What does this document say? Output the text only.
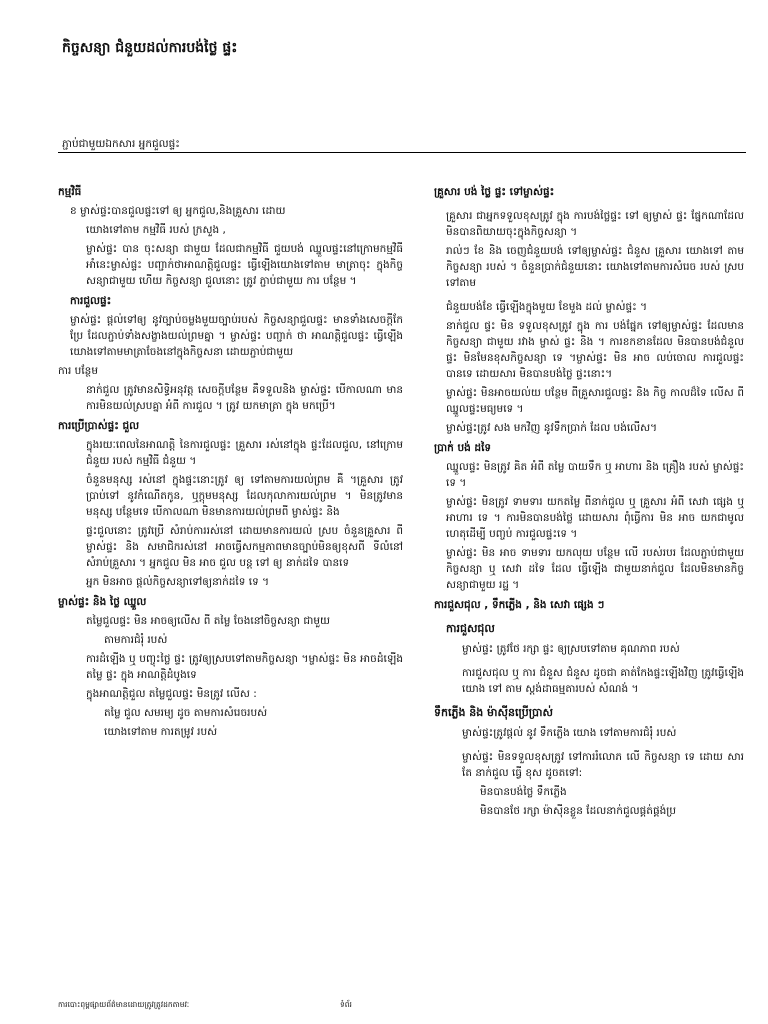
កិច្ចសន្យា ជំនួយដល់ការបង់ថ្លៃ ផ្ទះ
ភ្ជាប់ជាមួយឯកសារ អ្នកជួលផ្ទះ
កម្មវិធី
ខ ម្ចាស់ផ្ទះបានជួលផ្ទះទៅ ឲ្យ អ្នកជួល,និងគ្រួសារ ដោយ
យោងទៅតាម កម្មវិធី របស់ ក្រសួង ,
ម្ចាស់ផ្ទះ បាន ចុះសន្យា ជាមួយ ដែលជាកម្មវិធី ជួយបង់ ឈ្នួលផ្ទះនៅក្រោមកម្មវិធី អាំនេះម្ចាស់ផ្ទះ បញ្ជាក់ថាអាណត្តិជួលផ្ទះ ធ្វើឡើងយោងទៅតាម មាត្រាចុះ ក្នុងកិច្ចសន្យាជាមួយ ហើយ កិច្ចសន្យា ជួលនោះ ត្រូវ ភ្ជាប់ជាមួយ ការ បន្ថែម ។
ការជួលផ្ទះ
ម្ចាស់ផ្ទះ ផ្តល់ទៅឲ្យ នូវច្បាប់ចម្លងមួយច្បាប់របស់ កិច្ចសន្យាជួលផ្ទះ មានទាំងសេចក្តីកែប្រែ ដែលភ្ជាប់ទាំងសង្ខាងយល់ព្រមគ្នា ។ ម្ចាស់ផ្ទះ បញ្ជាក់ ថា អាណត្តិជួលផ្ទះ ធ្វើឡើង យោងទៅតាមមាត្រាចែងនៅក្នុងកិច្ចសនា ដោយភ្ជាប់ជាមួយ
ការ បន្ថែម
នាក់ជួល ត្រូវមានសិទ្ធិអនុវត្ត សេចក្តីបន្ថែម គឺទទួលនិង ម្ចាស់ផ្ទះ បើកាលណា មានការមិនយល់ស្របគ្នា អំពី ការជួល ។ ត្រូវ យកមាត្រា ក្នុង មកប្រើ។
ការប្រើប្រាស់ផ្ទះ ជួល
ក្នុងរយៈពេលនៃអាណត្តិ នៃការជួលផ្ទះ គ្រួសារ រស់នៅក្នុង ផ្ទះដែលជួល, នៅក្រោម ជំនួយ របស់ កម្មវិធី ជំនួយ ។
ចំនួនមនុស្ស រស់នៅ ក្នុងផ្ទះនោះត្រូវ ឲ្យ ទៅតាមការយល់ព្រម គឺ ។គ្រួសារ ត្រូវ ប្រាប់ទៅ នូវកំណើតកូន, ឬក្តុមមនុស្ស ដែលកុលាការយល់ព្រម ។ មិនត្រូវមានមនុស្ស បន្ថែមទេ បើកាលណា មិនមានការយល់ព្រមពី ម្ចាស់ផ្ទះ និង
ផ្ទះជួលនោះ ត្រូវប្រើ សំរាប់ការរស់នៅ ដោយមានការយល់ ស្រប ចំនួនគ្រួសារ ពី ម្ចាស់ផ្ទះ និង សមាជិករស់នៅ អាចធ្វើសកម្មភាពមានច្បាប់មិនឲ្យខុសពី ទីលំនៅ សំរាប់គ្រួសារ ។ អ្នកជួល មិន អាច ជួល បន្ត ទៅ ឲ្យ នាក់ដទៃ បានទេ
អ្នក មិនអាច ផ្តល់កិច្ចសន្យាទៅឲ្យនាក់ដទៃ ទេ ។
ម្ចាស់ផ្ទះ និង ថ្លៃ ឈ្នួល
តម្លៃជួលផ្ទះ មិន អាចឲ្យលើស ពី តម្លៃ ចែងនៅចិច្ចសន្យា ជាមួយ
តាមការជំរុំ របស់
ការដំឡើង ឬ បញ្ចុះថ្លៃ ផ្ទះ ត្រូវឲ្យស្របទៅតាមកិច្ចសន្យា ។ម្ចាស់ផ្ទះ មិន អាចដំឡើង តម្លៃ ផ្ទះ ក្នុង អាណត្តិដំបូងទេ
ក្នុងអាណត្តិជួល តម្លៃជួលផ្ទះ មិនត្រូវ លើស :
តម្លៃ ជួល សមរម្យ ដូច តាមការសំរេចរបស់
យោងទៅតាម ការតម្រូវ របស់
គ្រួសារ បង់ ថ្លៃ ផ្ទះ ទៅម្ចាស់ផ្ទះ
គ្រួសារ ជាអ្នកទទួលខុសត្រូវ ក្នុង ការបង់ថ្លៃផ្ទះ ទៅ ឲ្យម្ចាស់ ផ្ទះ ផ្នែកណាដែល មិនបានពិយាយចុះក្នុងកិច្ចសន្យា ។
រាល់ៗ ខែ និង ចេញជំនួយបង់ ទៅឲ្យម្ចាស់ផ្ទះ ជំនួស គ្រួសារ យោងទៅ តាម កិច្ចសន្យា របស់ ។ ចំនួនប្រាក់ជំនួយនោះ យោងទៅតាមការសំរេច របស់ ស្របទៅតាម
ជំនួយបង់ខែ ធ្វើឡើងក្នុងមួយ ខែមួង ដល់ ម្ចាស់ផ្ទះ ។
នាក់ជួល ផ្ទះ មិន ទទួលខុសត្រូវ ក្នុង ការ បង់ផ្នែក ទៅឲ្យម្ចាស់ផ្ទះ ដែលមានកិច្ចសន្យា ជាមួយ រវាង ម្ចាស់ ផ្ទះ និង ។ ការខកខានដែល មិនបានបង់ជំនួលផ្ទះ មិនមែនខុសកិច្ចសន្យា ទេ ។ម្ចាស់ផ្ទះ មិន អាច លប់ចោល ការជួលផ្ទះបានទេ ដោយសារ មិនបានបង់ថ្លៃ ផ្ទះនោះ។
ម្ចាស់ផ្ទះ មិនអាចយល់យ បន្ថែម ពីគ្រួសារជួលផ្ទះ និង កិច្ច កាលដ៏ទៃ លើស ពីឈ្នួលផ្ទះមធ្យមទេ ។
ម្ចាស់ផ្ទះត្រូវ សង មកវិញ នូវទឹកប្រាក់ ដែល បង់លើស។
ប្រាក់ បង់ ដទៃ
ឈ្នួលផ្ទះ មិនត្រូវ គិត អំពី តម្លៃ បាយទឹក ឬ អាហារ និង គ្រឿង របស់ ម្ចាស់ផ្ទះទេ ។
ម្ចាស់ផ្ទះ មិនត្រូវ ទាមទារ យកតម្លៃ ពីនាក់ជួល ឬ គ្រួសារ អំពី សេវា ផ្សេង ឬ អាហារ ទេ ។ ការមិនបានបង់ថ្លៃ ដោយសារ ពុំធ្វើការ មិន អាច យកជាមូលហេតុដើម្បី បញ្ចប់ ការជួលផ្ទះទេ ។
ម្ចាស់ផ្ទះ មិន អាច ទាមទារ យកលុយ បន្ថែម លើ របស់របរ ដែលភ្ជាប់ជាមួយ កិច្ចសន្យា ឬ សេវា ដទៃ ដែល ធ្វើឡើង ជាមួយនាក់ជួល ដែលមិនមានកិច្ចសន្យាជាមួយ រដ្ឋ ។
ការជួសជុល , ទឹកភ្លើង , និង សេវា ផ្សេង ៗ
ការជួសជុល
ម្ចាស់ផ្ទះ ត្រូវថែ រក្សា ផ្ទះ ឲ្យស្របទៅតាម គុណភាព របស់
ការជួសជុល ឬ ការ ជំនួស ជំនួស ដូចជា គាត់កែងផ្ទះឡើងវិញ ត្រូវធ្វើឡើង យោង ទៅ តាម ស្តង់ដាធម្មតារបស់ សំណង់ ។
ទឹកភ្លើង និង ម៉ាស៊ីនប្រើប្រាស់
ម្ចាស់ផ្ទះត្រូវផ្តល់ នូវ ទឹកភ្លើង យោង ទៅតាមការជំរុំ របស់
ម្ចាស់ផ្ទះ មិនទទួលខុសត្រូវ ទៅការរំលោភ លើ កិច្ចសន្យា ទេ ដោយ សារ តែ នាក់ជួល ធ្វើ ខុស ដូចតទៅ:
មិនបានបង់ថ្លៃ ទឹកភ្លើង
មិនបានថែ រក្សា ម៉ាស៊ីនខ្លួន ដែលនាក់ជួលផ្គត់ផ្គង់ប្រ
ការបោះពុម្ពផ្សាយព័ត៌មានដោយត្រូវត្រូវដកតាមវៈ	ទំព័រ
